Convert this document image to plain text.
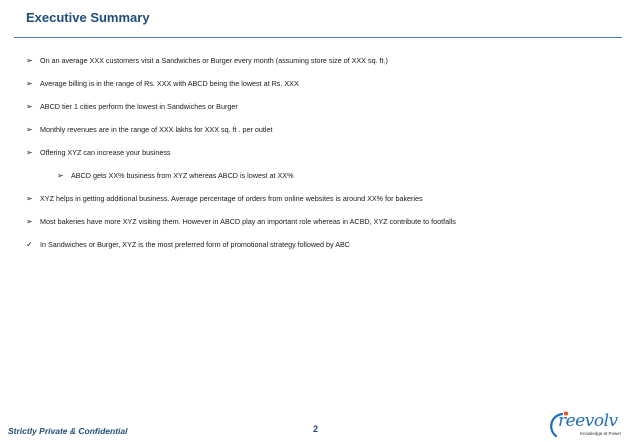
Executive Summary
➢	On an average XXX customers visit a Sandwiches or Burger every month (assuming store size of XXX sq. ft.)
➢	Average billing is in the range of Rs. XXX with ABCD being the lowest at Rs. XXX
➢	ABCD tier 1 cities perform the lowest in Sandwiches or Burger
➢	Monthly revenues are in the range of XXX lakhs for XXX sq. ft . per outlet
➢	Offering XYZ can increase your business
➢	ABCD gets XX% business from XYZ whereas ABCD is lowest at XX%
➢	XYZ helps in getting additional business. Average percentage of orders from online websites is around XX% for bakeries
➢	Most bakeries have more XYZ visiting them. However in ABCD play an important role whereas in ACBD, XYZ contribute to footfalls
✓	In Sandwiches or Burger, XYZ is the most preferred form of promotional strategy followed by ABC
Strictly Private & Confidential	2	reevolv
Knowledge at Power
